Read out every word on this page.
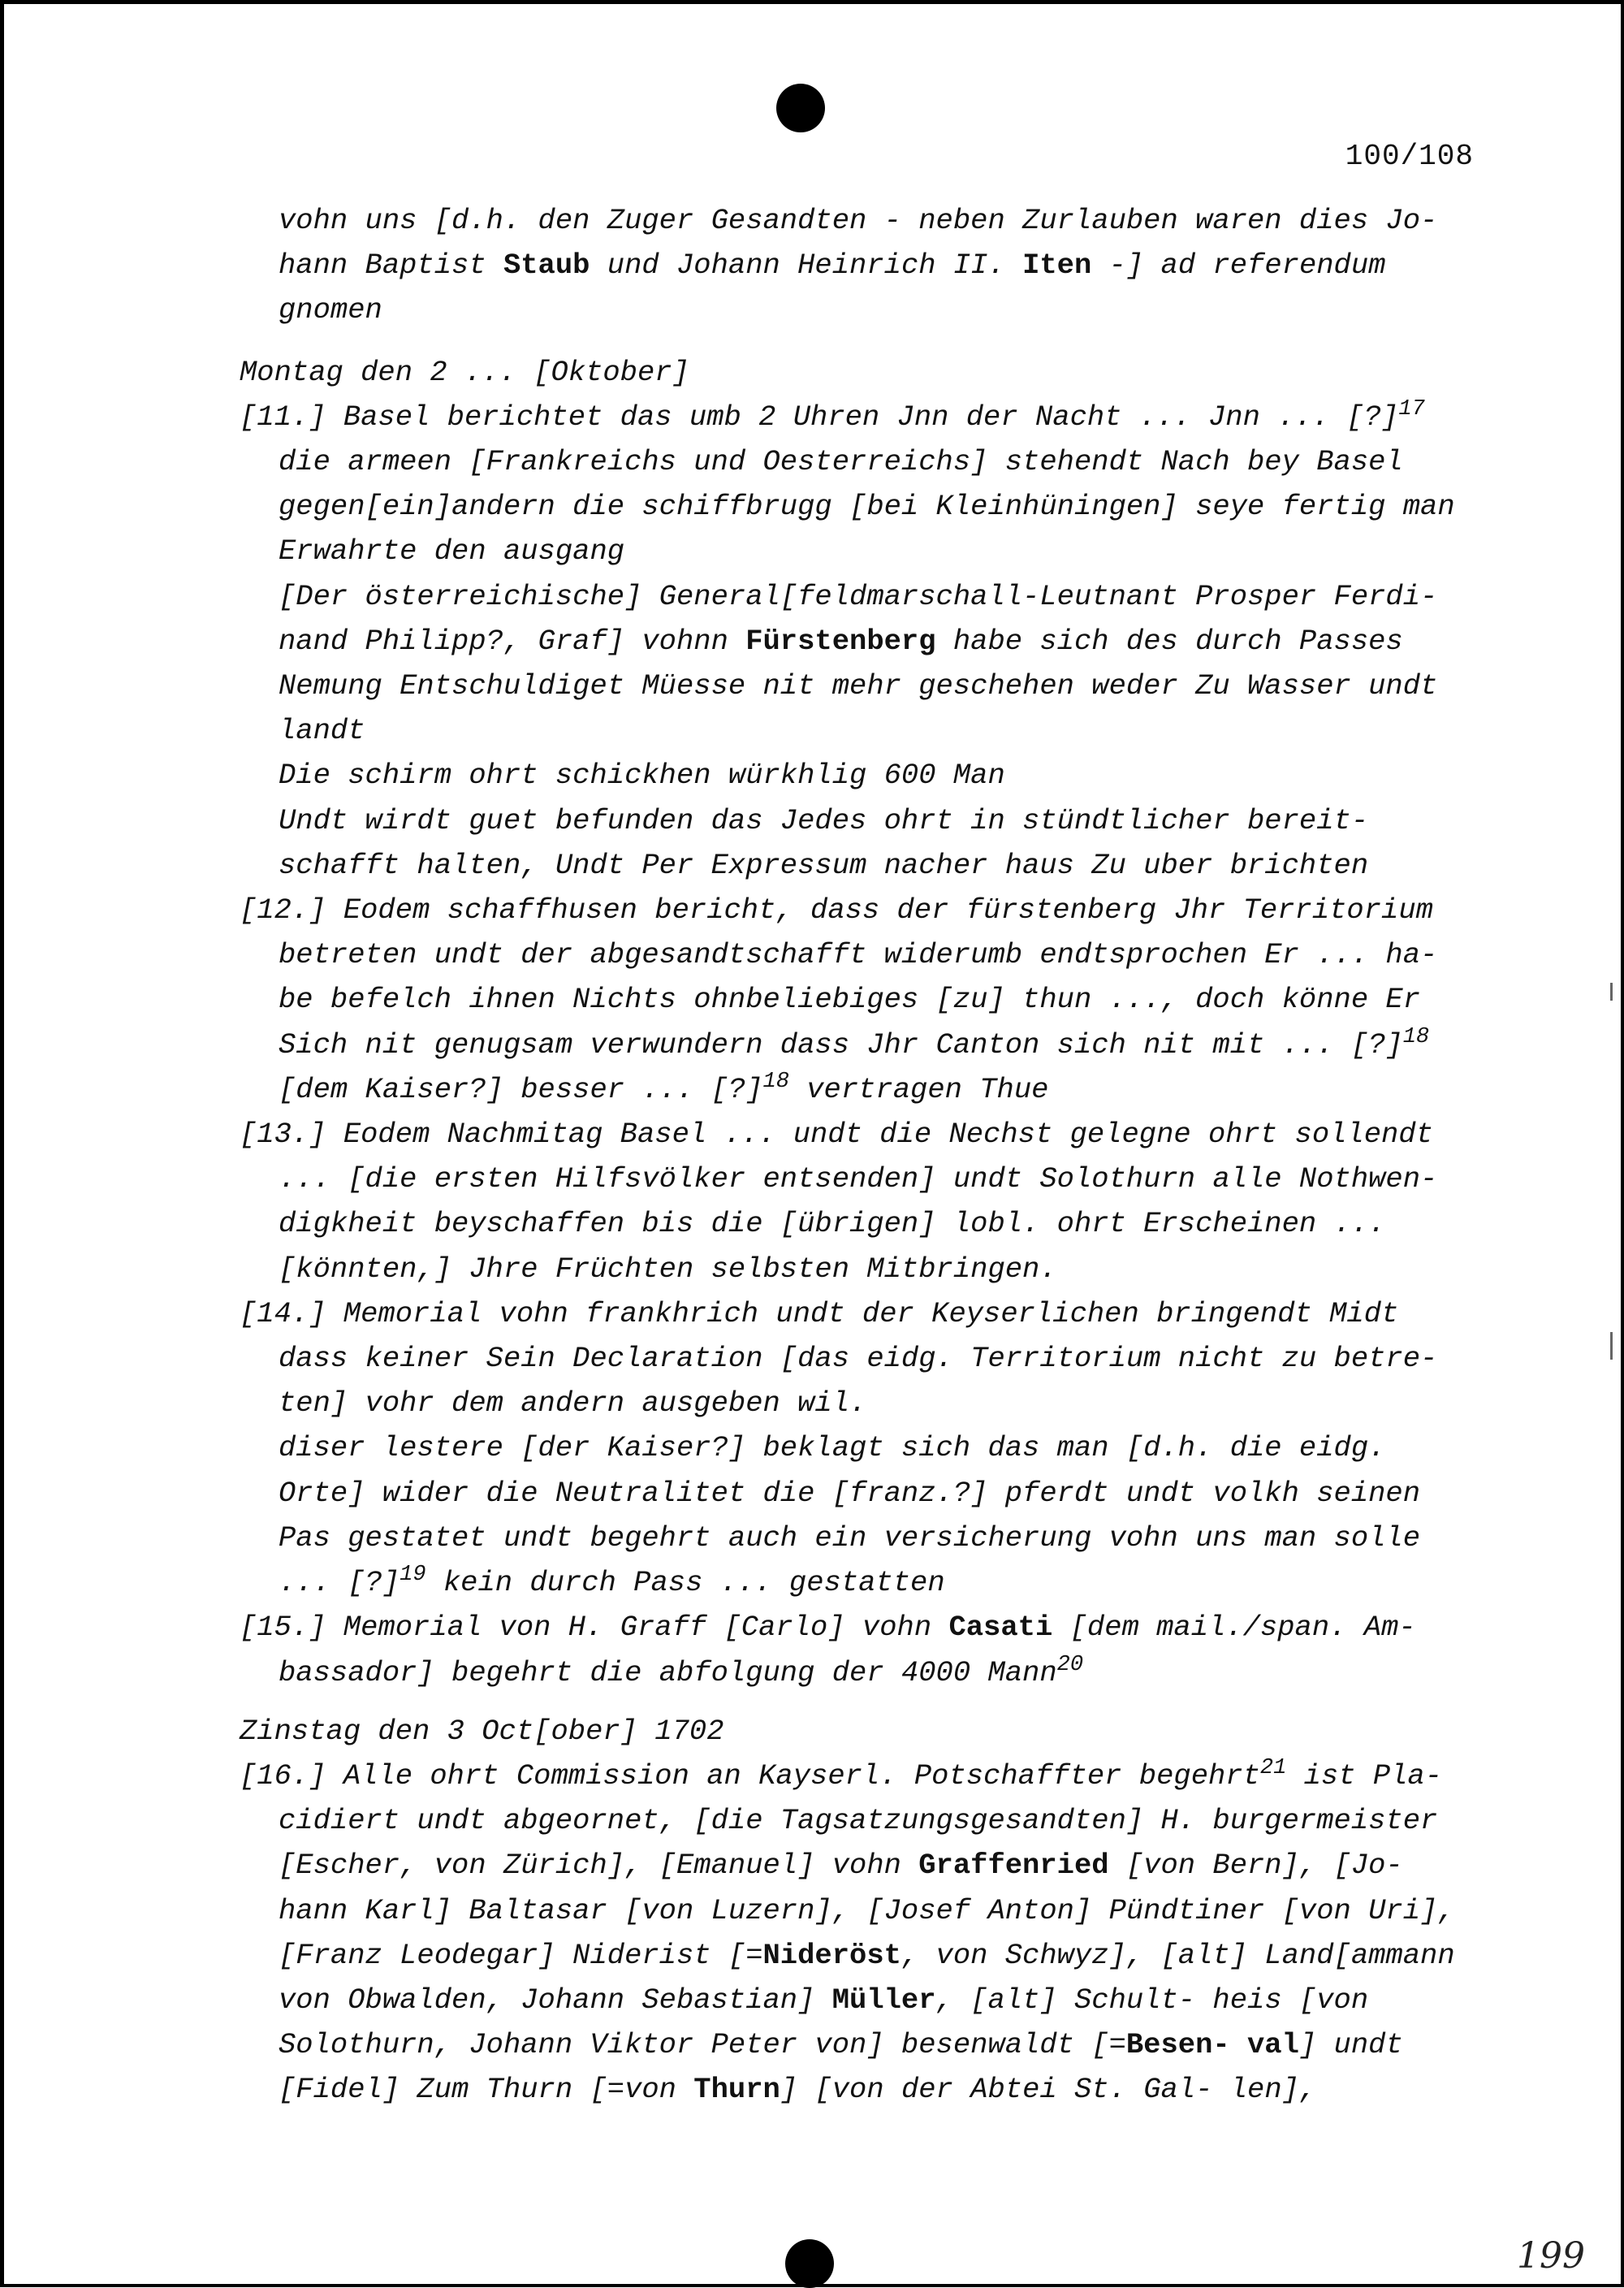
100/108

vohn uns [d.h. den Zuger Gesandten - neben Zurlauben waren dies Jo-

hann Baptist Staub und Johann Heinrich II. Iten -] ad referendum

gnomen

Montag den 2 ... [Oktober]

[11.] Basel berichtet das umb 2 Uhren Jnn der Nacht ... Jnn ... [?]$^{17}$ die armeen [Frankreichs und Oesterreichs] stehendt Nach bey Basel gegen[ein]andern die schiffbrugg [bei Kleinhüningen] seye fertig man Erwahrte den ausgang

[Der österreichische] General[feldmarschall-Leutnant Prosper Ferdi- nand Philipp?, Graf] vohnn Fürstenberg habe sich des durch Passes Nemung Entschuldiget Müesse nit mehr geschehen weder Zu Wasser undt landt

Die schirm ohrt schickhen würkhlig 600 Man

Undt wirdt guet befunden das Jedes ohrt in stündtlicher bereit- schafft halten, Undt Per Expressum nacher haus Zu uber brichten

[12.] Eodem schaffhusen bericht, dass der fürstenberg Jhr Territorium betreten undt der abgesandtschafft widerumb endtsprochen Er ... ha- be befelch ihnen Nichts ohnbeliebiges [zu] thun ..., doch könne Er Sich nit genugsam verwundern dass Jhr Canton sich nit mit ... [?]$^{18}$ [dem Kaiser?] besser ... [?]$^{18}$ vertragen Thue

[13.] Eodem Nachmitag Basel ... undt die Nechst gelegne ohrt sollendt ... [die ersten Hilfsvölker entsenden] undt Solothurn alle Nothwen- digkheit beyschaffen bis die [übrigen] lobl. ohrt Erscheinen ... [könnten,] Jhre Früchten selbsten Mitbringen.

[14.] Memorial vohn frankhrich undt der Keyserlichen bringendt Midt dass keiner Sein Declaration [das eidg. Territorium nicht zu betre- ten] vohr dem andern ausgeben wil.

diser lestere [der Kaiser?] beklagt sich das man [d.h. die eidg. Orte] wider die Neutralitet die [franz.?] pferdt undt volkh seinen Pas gestatet undt begehrt auch ein versicherung vohn uns man solle ... [?]$^{19}$ kein durch Pass ... gestatten

[15.] Memorial von H. Graff [Carlo] vohn Casati [dem mail./span. Am- bassador] begehrt die abfolgung der 4000 Mann$^{20}$

Zinstag den 3 Oct[ober] 1702

[16.] Alle ohrt Commission an Kayserl. Potschaffter begehrt$^{21}$ ist Pla- cidiert undt abgeornet, [die Tagsatzungsgesandten] H. burgermeister [Escher, von Zürich], [Emanuel] vohn Graffenried [von Bern], [Jo- hann Karl] Baltasar [von Luzern], [Josef Anton] Pündtiner [von Uri], [Franz Leodegar] Niderist [=Nideröst, von Schwyz], [alt] Land[ammann von Obwalden, Johann Sebastian] Müller, [alt] Schult- heis [von Solothurn, Johann Viktor Peter von] besenwaldt [=Besen- val] undt [Fidel] Zum Thurn [=von Thurn] [von der Abtei St. Gal- len],

199
